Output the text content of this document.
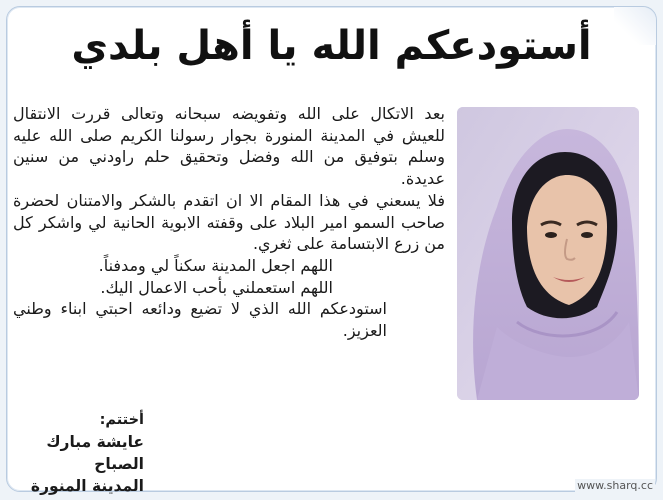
أستودعكم الله يا أهل بلدي

بعد الاتكال على الله وتفويضه سبحانه وتعالى قررت الانتقال للعيش في المدينة المنورة بجوار رسولنا الكريم صلى الله عليه وسلم بتوفيق من الله وفضل وتحقيق حلم راودني من سنين عديدة.

فلا يسعني في هذا المقام الا ان اتقدم بالشكر والامتنان لحضرة صاحب السمو امير البلاد على وقفته الابوية الحانية لي واشكر كل من زرع الابتسامة على ثغري.

اللهم اجعل المدينة سكناً لي ومدفناً.

اللهم استعملني بأحب الاعمال اليك.

استودعكم الله الذي لا تضيع ودائعه احبتي ابناء وطني العزيز.

أختتم:
عايشة مبارك الصباح
المدينة المنورة	www.sharq.cc
